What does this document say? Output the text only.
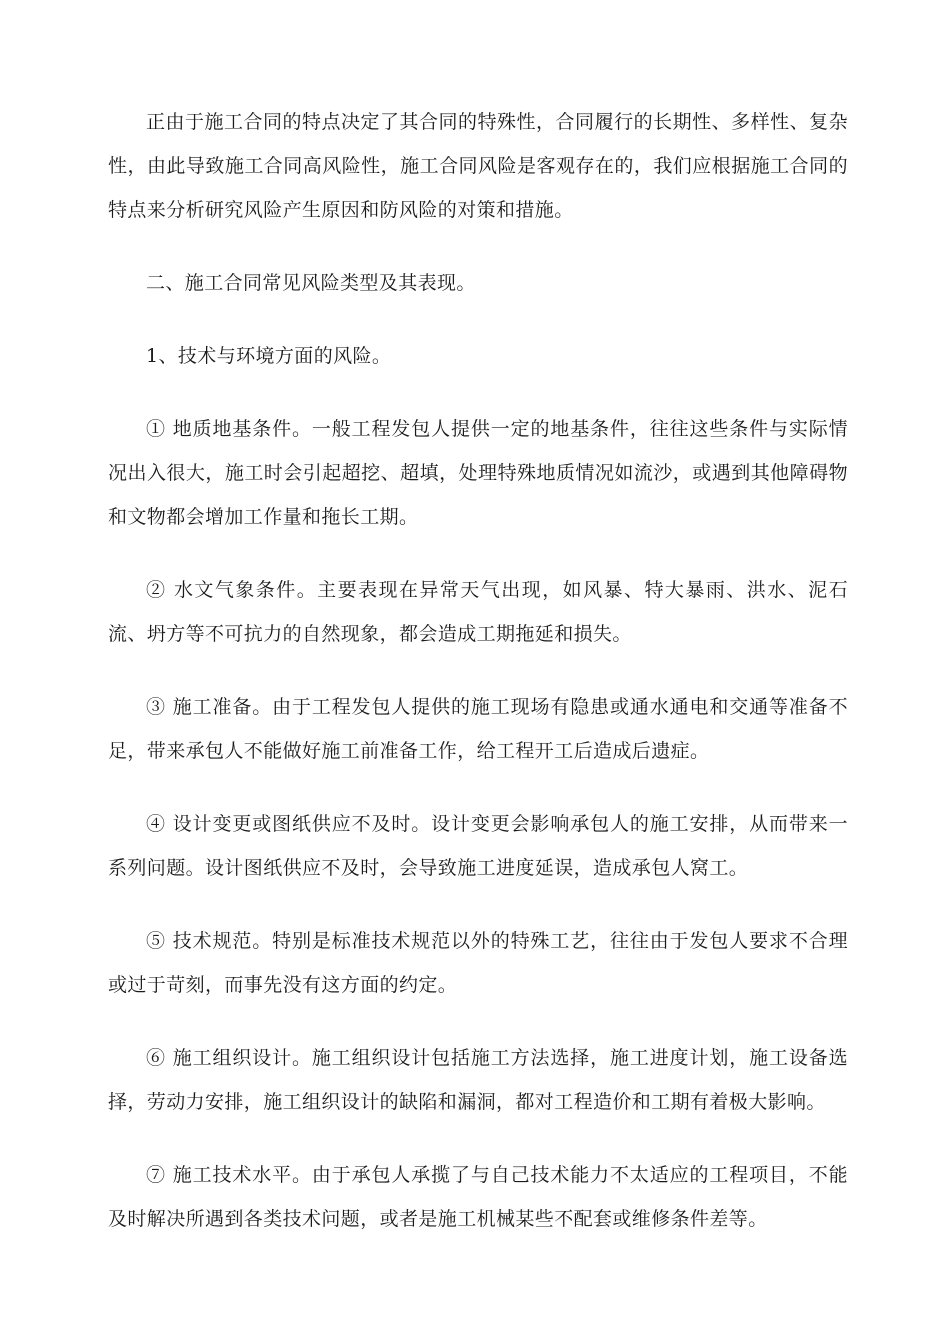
正由于施工合同的特点决定了其合同的特殊性，合同履行的长期性、多样性、复杂性，由此导致施工合同高风险性，施工合同风险是客观存在的，我们应根据施工合同的特点来分析研究风险产生原因和防风险的对策和措施。

二、施工合同常见风险类型及其表现。

1、技术与环境方面的风险。

① 地质地基条件。一般工程发包人提供一定的地基条件，往往这些条件与实际情况出入很大，施工时会引起超挖、超填，处理特殊地质情况如流沙，或遇到其他障碍物和文物都会增加工作量和拖长工期。

② 水文气象条件。主要表现在异常天气出现，如风暴、特大暴雨、洪水、泥石流、坍方等不可抗力的自然现象，都会造成工期拖延和损失。

③ 施工准备。由于工程发包人提供的施工现场有隐患或通水通电和交通等准备不足，带来承包人不能做好施工前准备工作，给工程开工后造成后遗症。

④ 设计变更或图纸供应不及时。设计变更会影响承包人的施工安排，从而带来一系列问题。设计图纸供应不及时，会导致施工进度延误，造成承包人窝工。

⑤ 技术规范。特别是标准技术规范以外的特殊工艺，往往由于发包人要求不合理或过于苛刻，而事先没有这方面的约定。

⑥ 施工组织设计。施工组织设计包括施工方法选择，施工进度计划，施工设备选择，劳动力安排，施工组织设计的缺陷和漏洞，都对工程造价和工期有着极大影响。

⑦ 施工技术水平。由于承包人承揽了与自己技术能力不太适应的工程项目，不能及时解决所遇到各类技术问题，或者是施工机械某些不配套或维修条件差等。
